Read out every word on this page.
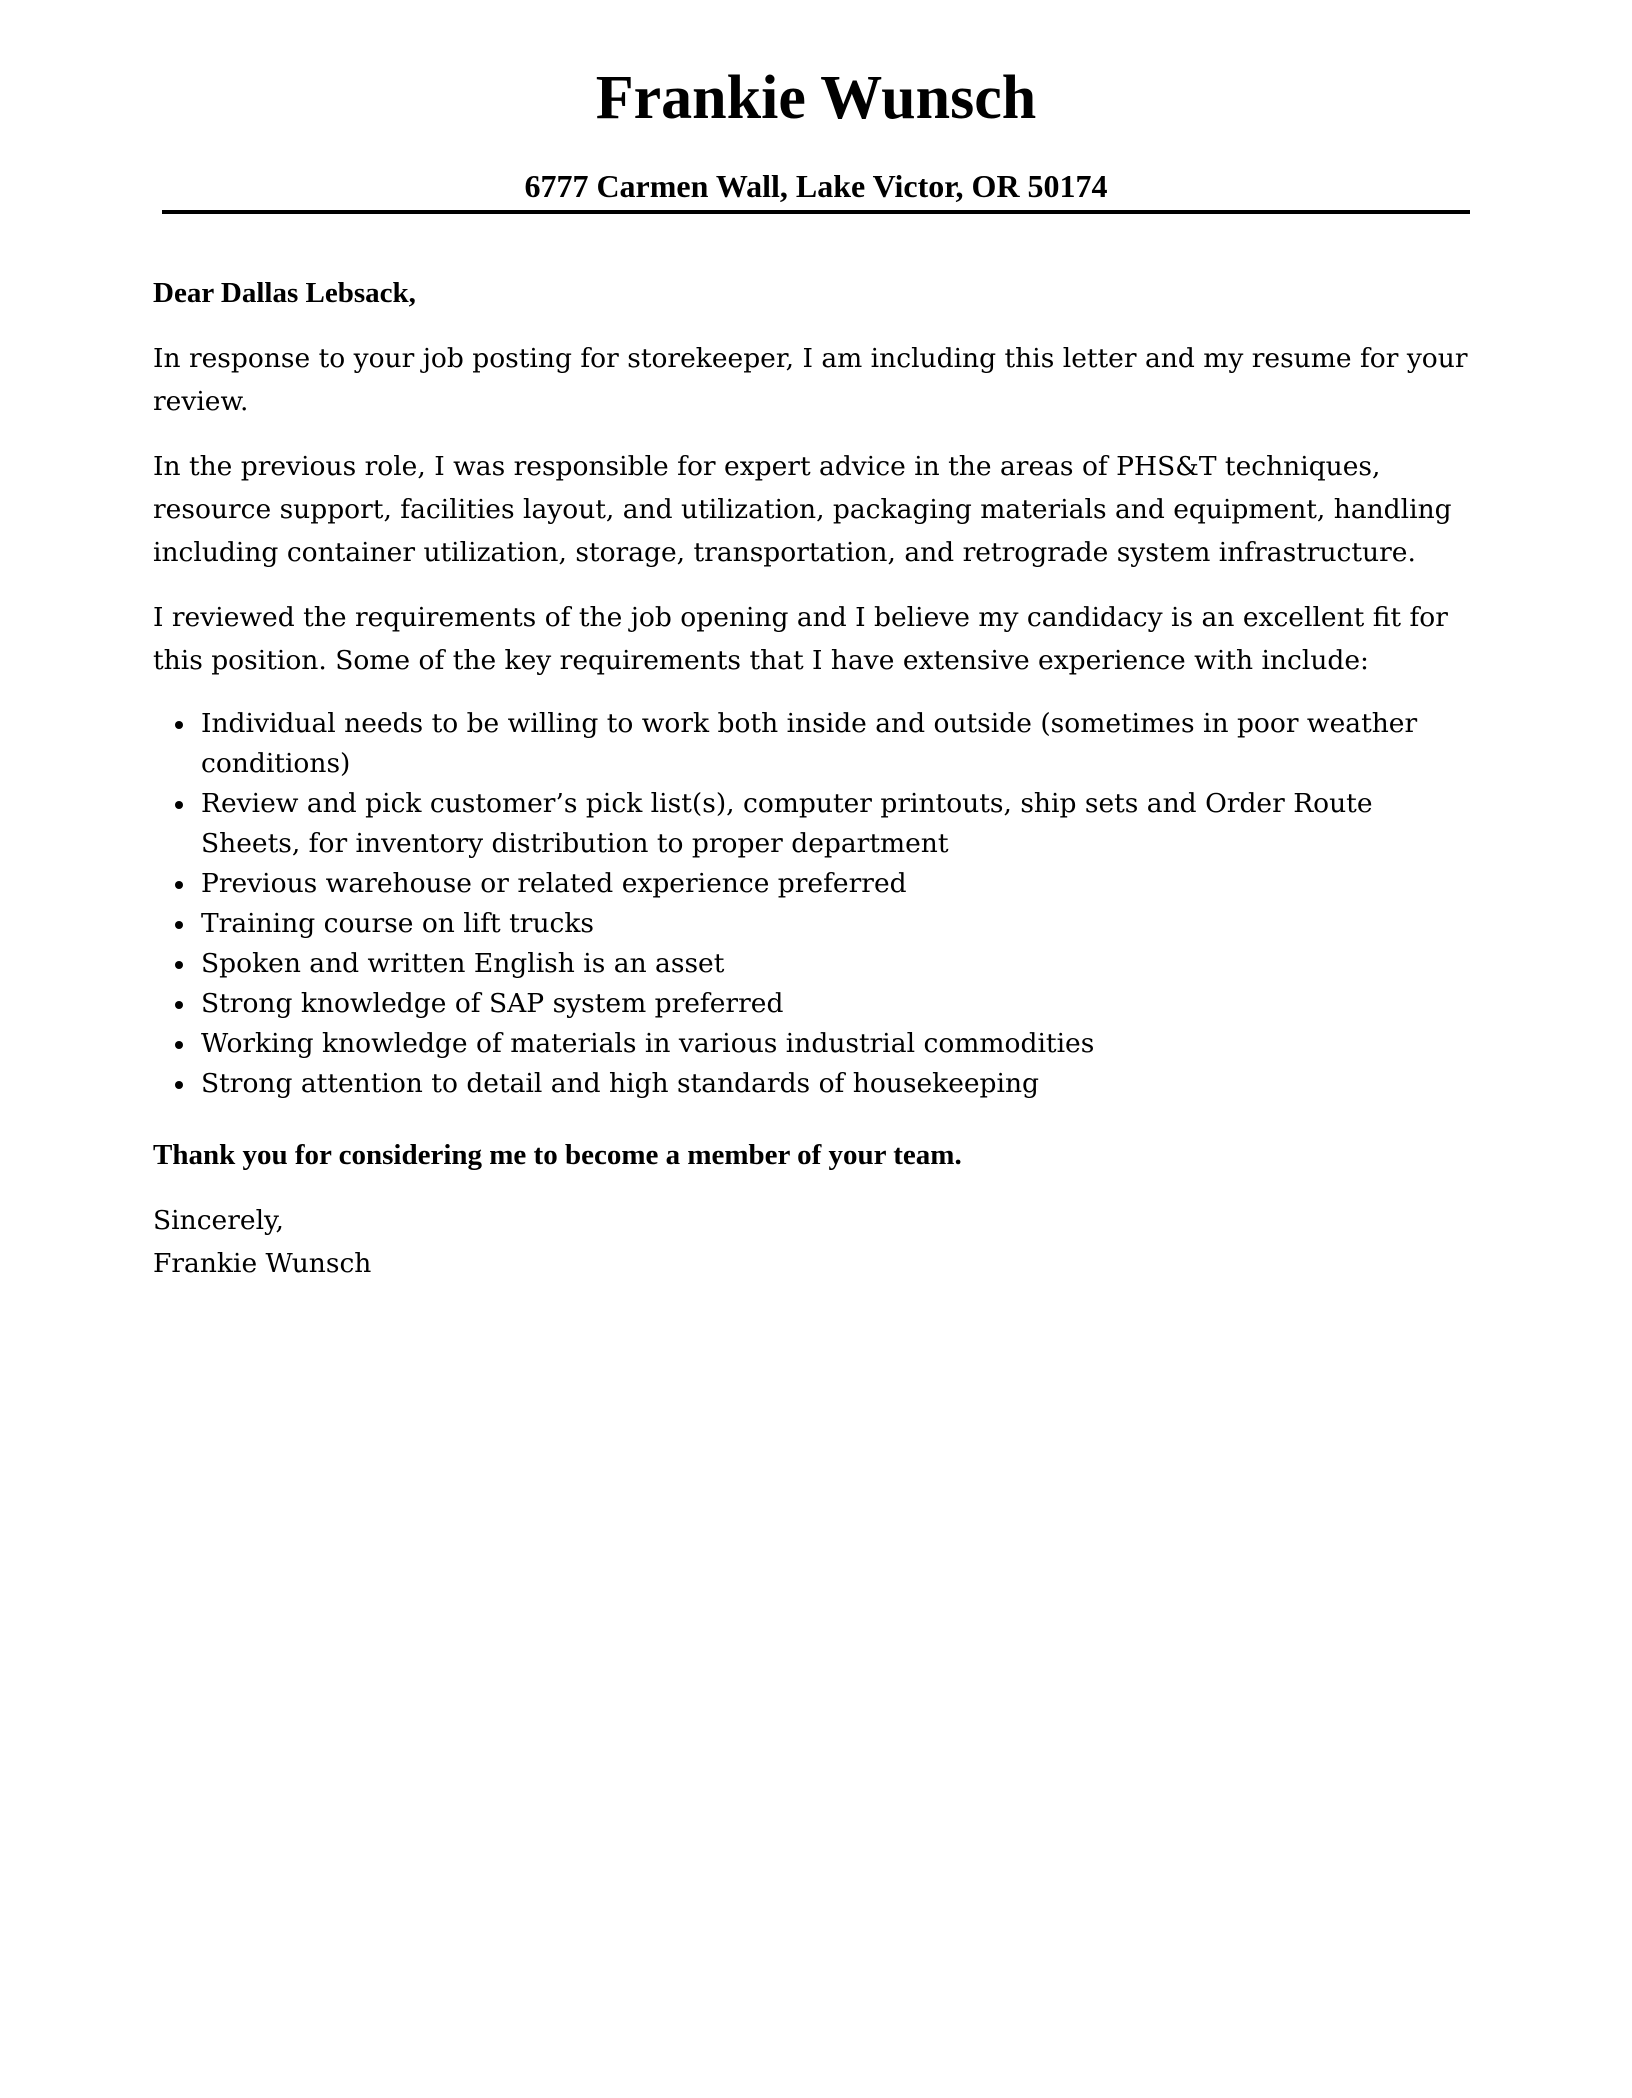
Frankie Wunsch
6777 Carmen Wall, Lake Victor, OR 50174

Dear Dallas Lebsack,

In response to your job posting for storekeeper, I am including this letter and my resume for your review.

In the previous role, I was responsible for expert advice in the areas of PHS&T techniques, resource support, facilities layout, and utilization, packaging materials and equipment, handling including container utilization, storage, transportation, and retrograde system infrastructure.

I reviewed the requirements of the job opening and I believe my candidacy is an excellent fit for this position. Some of the key requirements that I have extensive experience with include:

Individual needs to be willing to work both inside and outside (sometimes in poor weather conditions)
Review and pick customer’s pick list(s), computer printouts, ship sets and Order Route Sheets, for inventory distribution to proper department
Previous warehouse or related experience preferred
Training course on lift trucks
Spoken and written English is an asset
Strong knowledge of SAP system preferred
Working knowledge of materials in various industrial commodities
Strong attention to detail and high standards of housekeeping

Thank you for considering me to become a member of your team.

Sincerely,

Frankie Wunsch
